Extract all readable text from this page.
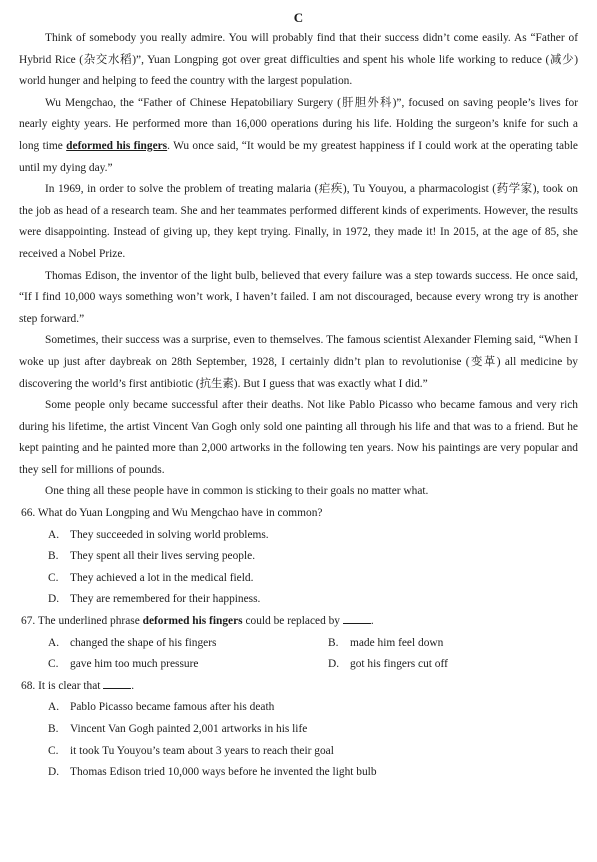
C

Think of somebody you really admire. You will probably find that their success didn’t come easily. As “Father of Hybrid Rice (杂交水稻)”, Yuan Longping got over great difficulties and spent his whole life working to reduce (减少) world hunger and helping to feed the country with the largest population.

Wu Mengchao, the “Father of Chinese Hepatobiliary Surgery (肝胆外科)”, focused on saving people’s lives for nearly eighty years. He performed more than 16,000 operations during his life. Holding the surgeon’s knife for such a long time deformed his fingers. Wu once said, “It would be my greatest happiness if I could work at the operating table until my dying day.”

In 1969, in order to solve the problem of treating malaria (疟疾), Tu Youyou, a pharmacologist (药学家), took on the job as head of a research team. She and her teammates performed different kinds of experiments. However, the results were disappointing. Instead of giving up, they kept trying. Finally, in 1972, they made it! In 2015, at the age of 85, she received a Nobel Prize.

Thomas Edison, the inventor of the light bulb, believed that every failure was a step towards success. He once said, “If I find 10,000 ways something won’t work, I haven’t failed. I am not discouraged, because every wrong try is another step forward.”

Sometimes, their success was a surprise, even to themselves. The famous scientist Alexander Fleming said, “When I woke up just after daybreak on 28th September, 1928, I certainly didn’t plan to revolutionise (变革) all medicine by discovering the world’s first antibiotic (抗生素). But I guess that was exactly what I did.”

Some people only became successful after their deaths. Not like Pablo Picasso who became famous and very rich during his lifetime, the artist Vincent Van Gogh only sold one painting all through his life and that was to a friend. But he kept painting and he painted more than 2,000 artworks in the following ten years. Now his paintings are very popular and they sell for millions of pounds.

One thing all these people have in common is sticking to their goals no matter what.

66. What do Yuan Longping and Wu Mengchao have in common?

A. They succeeded in solving world problems.
B. They spent all their lives serving people.
C. They achieved a lot in the medical field.
D. They are remembered for their happiness.

67. The underlined phrase deformed his fingers could be replaced by	.

A. changed the shape of his fingers	B. made him feel down
C. gave him too much pressure	D. got his fingers cut off

68. It is clear that	.

A. Pablo Picasso became famous after his death
B. Vincent Van Gogh painted 2,001 artworks in his life
C. it took Tu Youyou’s team about 3 years to reach their goal
D. Thomas Edison tried 10,000 ways before he invented the light bulb
